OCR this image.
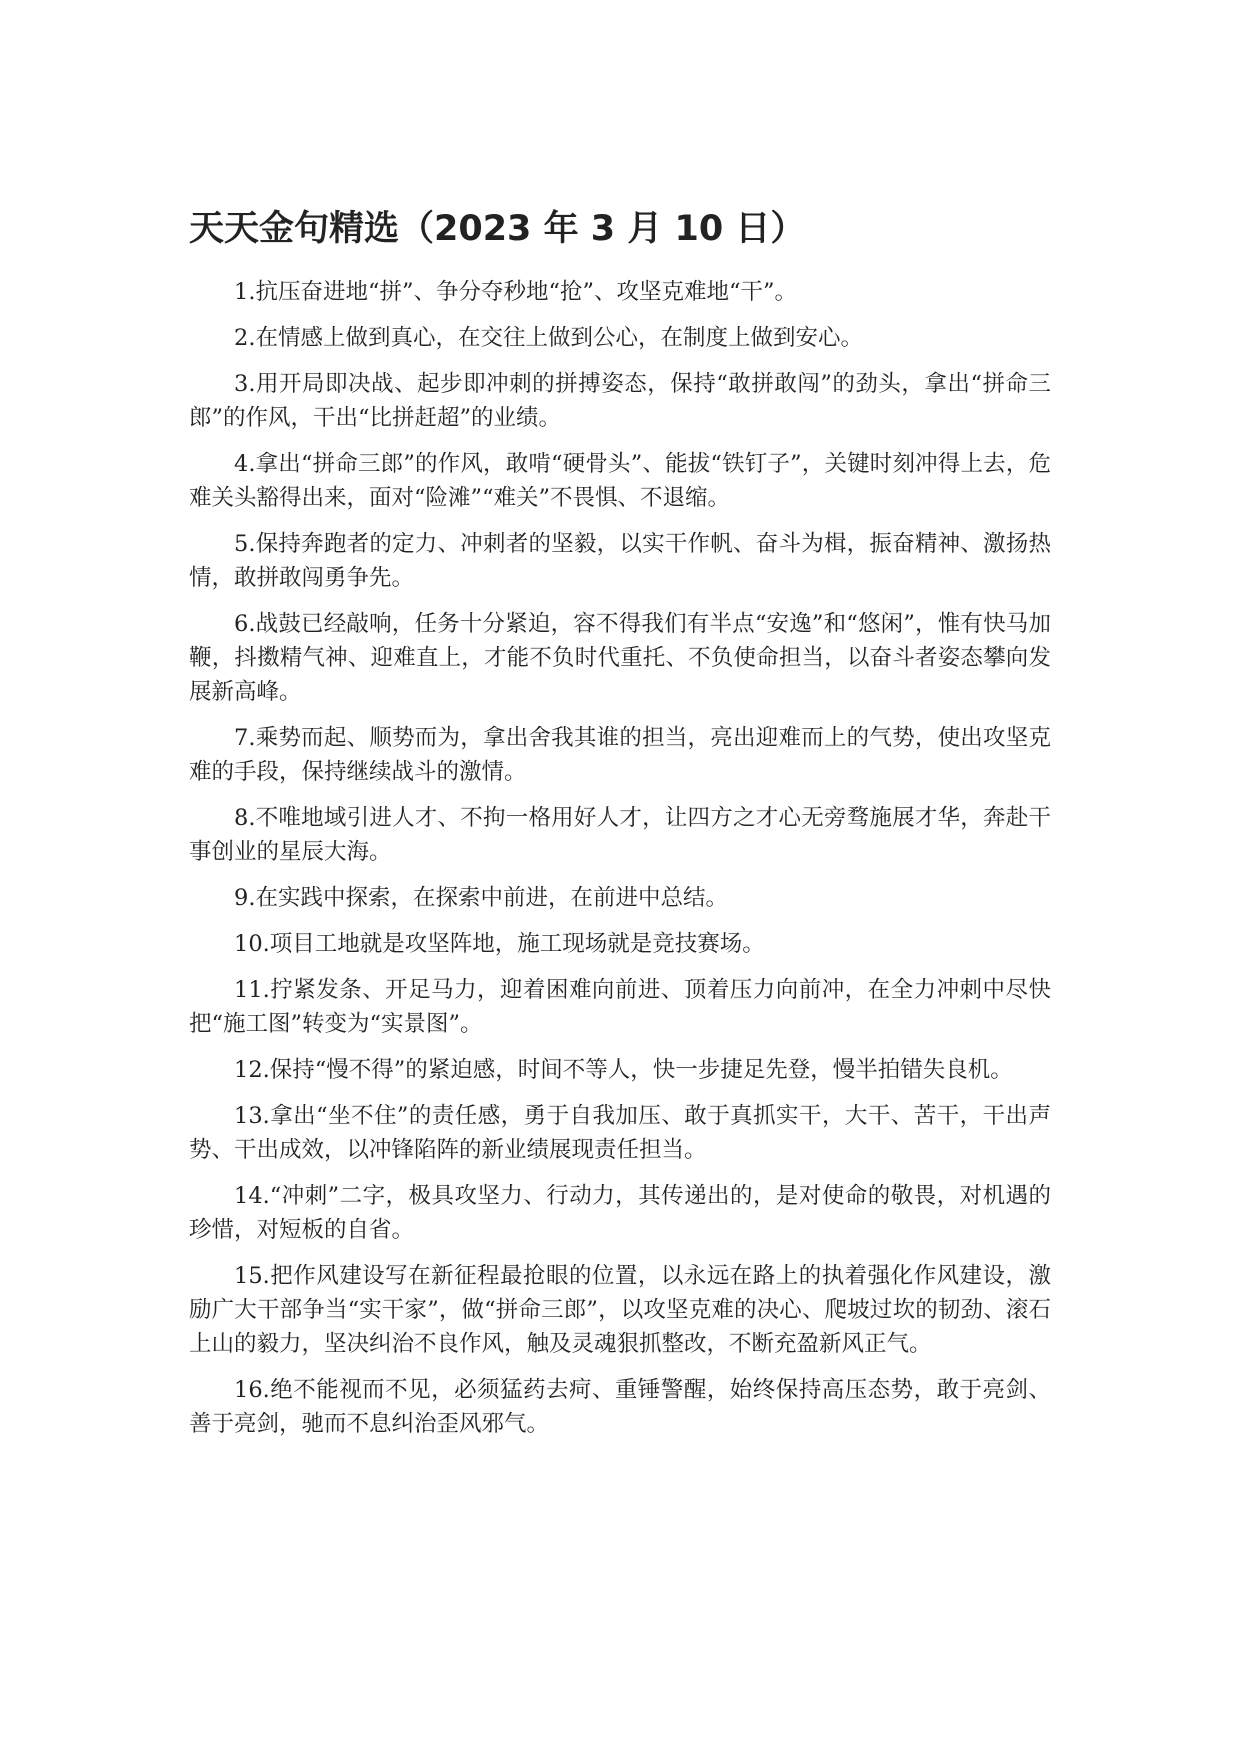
天天金句精选（2023 年 3 月 10 日）

1.抗压奋进地“拼”、争分夺秒地“抢”、攻坚克难地“干”。

2.在情感上做到真心，在交往上做到公心，在制度上做到安心。

3.用开局即决战、起步即冲刺的拼搏姿态，保持“敢拼敢闯”的劲头，拿出“拼命三郎”的作风，干出“比拼赶超”的业绩。

4.拿出“拼命三郎”的作风，敢啃“硬骨头”、能拔“铁钉子”，关键时刻冲得上去，危难关头豁得出来，面对“险滩”“难关”不畏惧、不退缩。

5.保持奔跑者的定力、冲刺者的坚毅，以实干作帆、奋斗为楫，振奋精神、激扬热情，敢拼敢闯勇争先。

6.战鼓已经敲响，任务十分紧迫，容不得我们有半点“安逸”和“悠闲”，惟有快马加鞭，抖擞精气神、迎难直上，才能不负时代重托、不负使命担当，以奋斗者姿态攀向发展新高峰。

7.乘势而起、顺势而为，拿出舍我其谁的担当，亮出迎难而上的气势，使出攻坚克难的手段，保持继续战斗的激情。

8.不唯地域引进人才、不拘一格用好人才，让四方之才心无旁骛施展才华，奔赴干事创业的星辰大海。

9.在实践中探索，在探索中前进，在前进中总结。

10.项目工地就是攻坚阵地，施工现场就是竞技赛场。

11.拧紧发条、开足马力，迎着困难向前进、顶着压力向前冲，在全力冲刺中尽快把“施工图”转变为“实景图”。

12.保持“慢不得”的紧迫感，时间不等人，快一步捷足先登，慢半拍错失良机。

13.拿出“坐不住”的责任感，勇于自我加压、敢于真抓实干，大干、苦干，干出声势、干出成效，以冲锋陷阵的新业绩展现责任担当。

14.“冲刺”二字，极具攻坚力、行动力，其传递出的，是对使命的敬畏，对机遇的珍惜，对短板的自省。

15.把作风建设写在新征程最抢眼的位置，以永远在路上的执着强化作风建设，激励广大干部争当“实干家”，做“拼命三郎”，以攻坚克难的决心、爬坡过坎的韧劲、滚石上山的毅力，坚决纠治不良作风，触及灵魂狠抓整改，不断充盈新风正气。

16.绝不能视而不见，必须猛药去疴、重锤警醒，始终保持高压态势，敢于亮剑、善于亮剑，驰而不息纠治歪风邪气。
